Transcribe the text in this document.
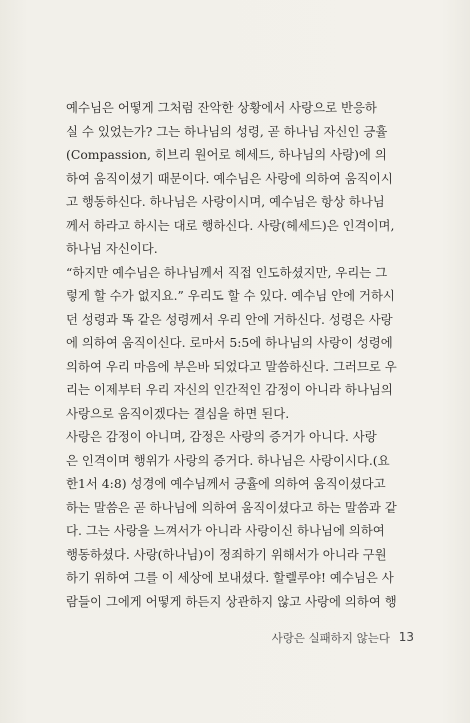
예수님은 어떻게 그처럼 잔악한 상황에서 사랑으로 반응하
실 수 있었는가? 그는 하나님의 성령, 곧 하나님 자신인 긍휼
(Compassion, 히브리 원어로 헤세드, 하나님의 사랑)에 의
하여 움직이셨기 때문이다. 예수님은 사랑에 의하여 움직이시
고 행동하신다. 하나님은 사랑이시며, 예수님은 항상 하나님
께서 하라고 하시는 대로 행하신다. 사랑(헤세드)은 인격이며,
하나님 자신이다.
“하지만 예수님은 하나님께서 직접 인도하셨지만, 우리는 그
렇게 할 수가 없지요.” 우리도 할 수 있다. 예수님 안에 거하시
던 성령과 똑 같은 성령께서 우리 안에 거하신다. 성령은 사랑
에 의하여 움직이신다. 로마서 5:5에 하나님의 사랑이 성령에
의하여 우리 마음에 부은바 되었다고 말씀하신다. 그러므로 우
리는 이제부터 우리 자신의 인간적인 감정이 아니라 하나님의
사랑으로 움직이겠다는 결심을 하면 된다.
사랑은 감정이 아니며, 감정은 사랑의 증거가 아니다. 사랑
은 인격이며 행위가 사랑의 증거다. 하나님은 사랑이시다.(요
한1서 4:8) 성경에 예수님께서 긍휼에 의하여 움직이셨다고
하는 말씀은 곧 하나님에 의하여 움직이셨다고 하는 말씀과 같
다. 그는 사랑을 느껴서가 아니라 사랑이신 하나님에 의하여
행동하셨다. 사랑(하나님)이 정죄하기 위해서가 아니라 구원
하기 위하여 그를 이 세상에 보내셨다. 할렐루야! 예수님은 사
람들이 그에게 어떻게 하든지 상관하지 않고 사랑에 의하여 행
사랑은 실패하지 않는다 13
